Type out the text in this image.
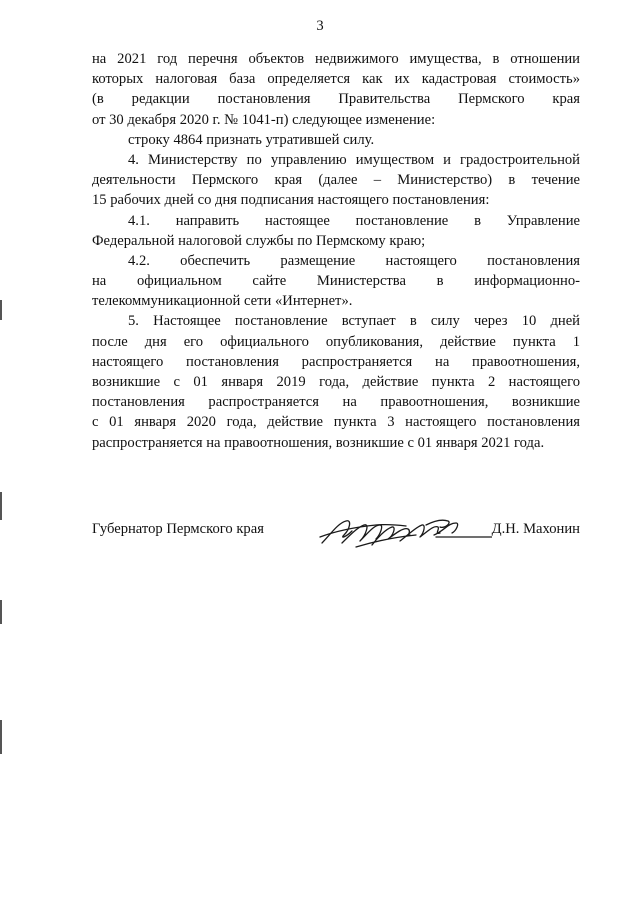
3
на 2021 год перечня объектов недвижимого имущества, в отношении
которых налоговая база определяется как их кадастровая стоимость»
(в редакции постановления Правительства Пермского края
от 30 декабря 2020 г. № 1041-п) следующее изменение:
строку 4864 признать утратившей силу.
4. Министерству по управлению имуществом и градостроительной
деятельности Пермского края (далее – Министерство) в течение
15 рабочих дней со дня подписания настоящего постановления:
4.1. направить настоящее постановление в Управление
Федеральной налоговой службы по Пермскому краю;
4.2. обеспечить размещение настоящего постановления
на официальном сайте Министерства в информационно-
телекоммуникационной сети «Интернет».
5. Настоящее постановление вступает в силу через 10 дней
после дня его официального опубликования, действие пункта 1
настоящего постановления распространяется на правоотношения,
возникшие с 01 января 2019 года, действие пункта 2 настоящего
постановления распространяется на правоотношения, возникшие
с 01 января 2020 года, действие пункта 3 настоящего постановления
распространяется на правоотношения, возникшие с 01 января 2021 года.
Губернатор Пермского края	Д.Н. Махонин
